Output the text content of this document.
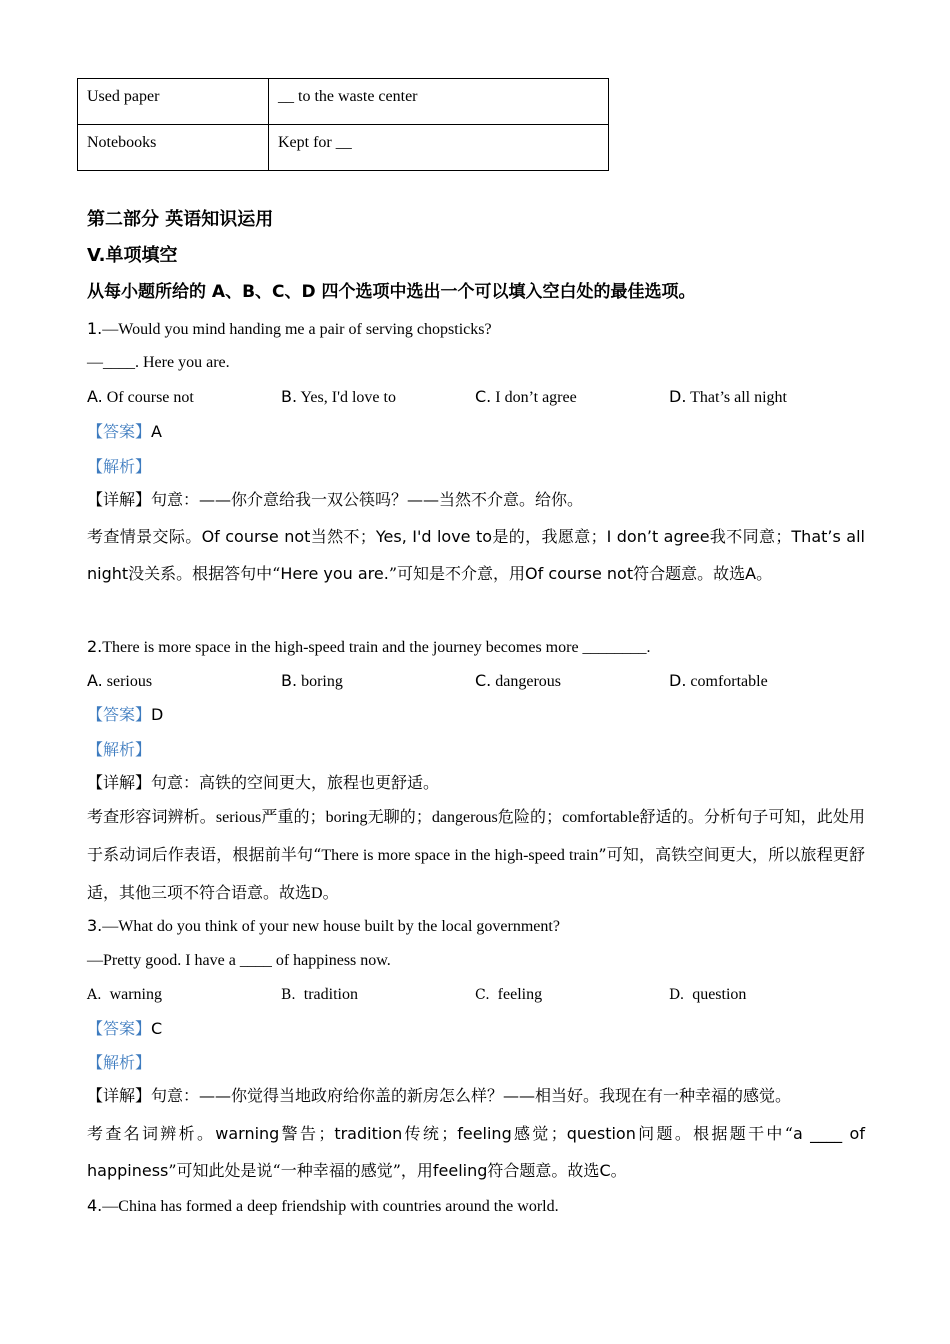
Used paper	__ to the waste center
Notebooks	Kept for __
第二部分 英语知识运用
V.单项填空
从每小题所给的 A、B、C、D 四个选项中选出一个可以填入空白处的最佳选项。
1.—Would you mind handing me a pair of serving chopsticks?
—____. Here you are.
A. Of course not	B. Yes, I'd love to	C. I don’t agree	D. That’s all night
【答案】A
【解析】
【详解】句意：——你介意给我一双公筷吗？——当然不介意。给你。
考查情景交际。Of course not当然不；Yes, I'd love to是的，我愿意；I don’t agree我不同意；That’s all night没关系。根据答句中“Here you are.”可知是不介意，用Of course not符合题意。故选A。
2.There is more space in the high-speed train and the journey becomes more ________.
A. serious	B. boring	C. dangerous	D. comfortable
【答案】D
【解析】
【详解】句意：高铁的空间更大，旅程也更舒适。
考查形容词辨析。serious严重的；boring无聊的；dangerous危险的；comfortable舒适的。分析句子可知，此处用于系动词后作表语，根据前半句“There is more space in the high-speed train”可知，高铁空间更大，所以旅程更舒适，其他三项不符合语意。故选D。
3.—What do you think of your new house built by the local government?
—Pretty good. I have a ____ of happiness now.
A. warning	B. tradition	C. feeling	D. question
【答案】C
【解析】
【详解】句意：——你觉得当地政府给你盖的新房怎么样？——相当好。我现在有一种幸福的感觉。
考查名词辨析。warning警告；tradition传统；feeling感觉；question问题。根据题干中“a ____ of happiness”可知此处是说“一种幸福的感觉”，用feeling符合题意。故选C。
4.—China has formed a deep friendship with countries around the world.
